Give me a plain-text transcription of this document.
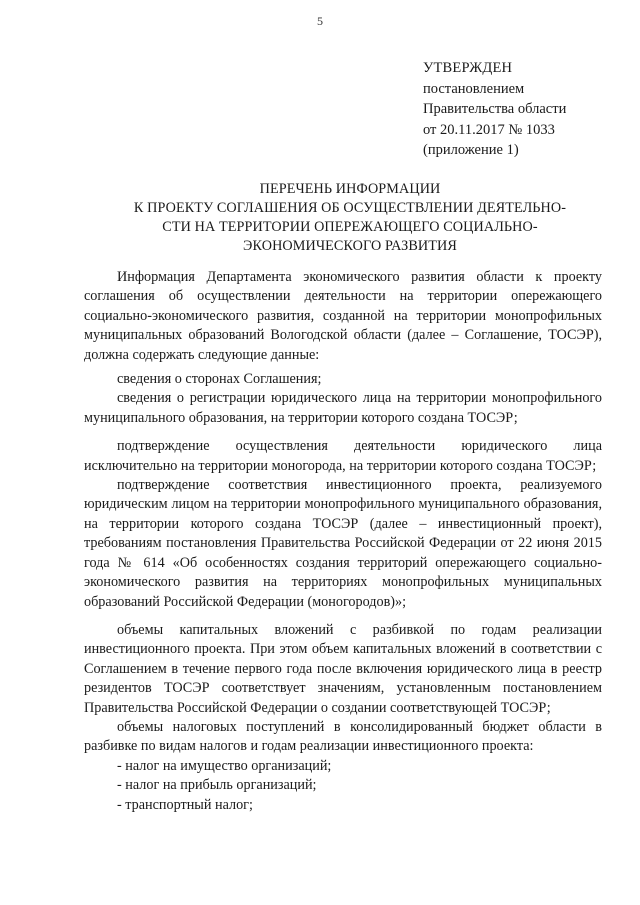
5
УТВЕРЖДЕН
постановлением
Правительства области
от 20.11.2017 № 1033
(приложение 1)
ПЕРЕЧЕНЬ ИНФОРМАЦИИ
К ПРОЕКТУ СОГЛАШЕНИЯ ОБ ОСУЩЕСТВЛЕНИИ ДЕЯТЕЛЬНО-
СТИ НА ТЕРРИТОРИИ ОПЕРЕЖАЮЩЕГО СОЦИАЛЬНО-
ЭКОНОМИЧЕСКОГО РАЗВИТИЯ

Информация Департамента экономического развития области к проекту соглашения об осуществлении деятельности на территории опережающего социально-экономического развития, созданной на территории монопрофильных муниципальных образований Вологодской области (далее – Соглашение, ТОСЭР), должна содержать следующие данные:

сведения о сторонах Соглашения;

сведения о регистрации юридического лица на территории монопрофильного муниципального образования, на территории которого создана ТОСЭР;

подтверждение осуществления деятельности юридического лица исключительно на территории моногорода, на территории которого создана ТОСЭР;

подтверждение соответствия инвестиционного проекта, реализуемого юридическим лицом на территории монопрофильного муниципального образования, на территории которого создана ТОСЭР (далее – инвестиционный проект), требованиям постановления Правительства Российской Федерации от 22 июня 2015 года № 614 «Об особенностях создания территорий опережающего социально-экономического развития на территориях монопрофильных муниципальных образований Российской Федерации (моногородов)»;

объемы капитальных вложений с разбивкой по годам реализации инвестиционного проекта. При этом объем капитальных вложений в соответствии с Соглашением в течение первого года после включения юридического лица в реестр резидентов ТОСЭР соответствует значениям, установленным постановлением Правительства Российской Федерации о создании соответствующей ТОСЭР;

объемы налоговых поступлений в консолидированный бюджет области в разбивке по видам налогов и годам реализации инвестиционного проекта:

- налог на имущество организаций;

- налог на прибыль организаций;

- транспортный налог;
